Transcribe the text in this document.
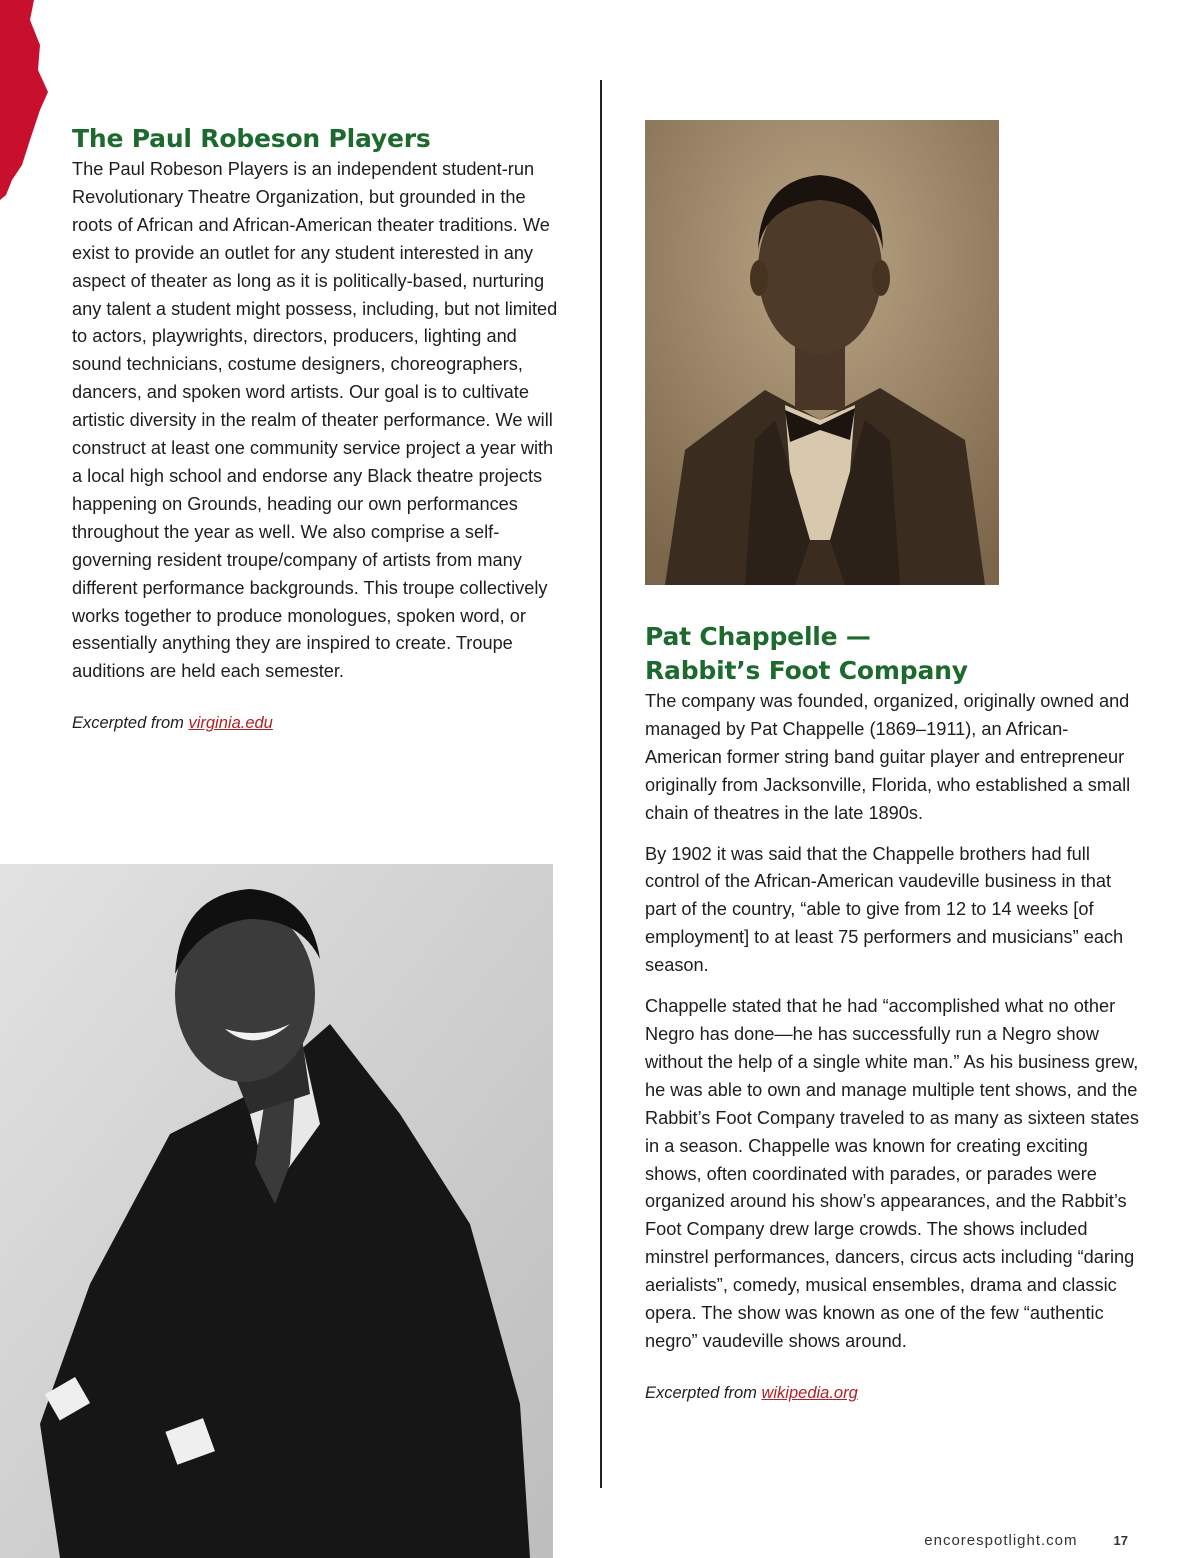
The Paul Robeson Players

The Paul Robeson Players is an independent student-run Revolutionary Theatre Organization, but grounded in the roots of African and African-American theater traditions. We exist to provide an outlet for any student interested in any aspect of theater as long as it is politically-based, nurturing any talent a student might possess, including, but not limited to actors, playwrights, directors, producers, lighting and sound technicians, costume designers, choreographers, dancers, and spoken word artists. Our goal is to cultivate artistic diversity in the realm of theater performance. We will construct at least one community service project a year with a local high school and endorse any Black theatre projects happening on Grounds, heading our own performances throughout the year as well. We also comprise a self-governing resident troupe/company of artists from many different performance backgrounds. This troupe collectively works together to produce monologues, spoken word, or essentially anything they are inspired to create. Troupe auditions are held each semester.

Excerpted from virginia.edu
Pat Chappelle —
Rabbit’s Foot Company

The company was founded, organized, originally owned and managed by Pat Chappelle (1869–1911), an African-American former string band guitar player and entrepreneur originally from Jacksonville, Florida, who established a small chain of theatres in the late 1890s.

By 1902 it was said that the Chappelle brothers had full control of the African-American vaudeville business in that part of the country, “able to give from 12 to 14 weeks [of employment] to at least 75 performers and musicians” each season.

Chappelle stated that he had “accomplished what no other Negro has done—he has successfully run a Negro show without the help of a single white man.” As his business grew, he was able to own and manage multiple tent shows, and the Rabbit’s Foot Company traveled to as many as sixteen states in a season. Chappelle was known for creating exciting shows, often coordinated with parades, or parades were organized around his show’s appearances, and the Rabbit’s Foot Company drew large crowds. The shows included minstrel performances, dancers, circus acts including “daring aerialists”, comedy, musical ensembles, drama and classic opera. The show was known as one of the few “authentic negro” vaudeville shows around.

Excerpted from wikipedia.org
encorespotlight.com	17
